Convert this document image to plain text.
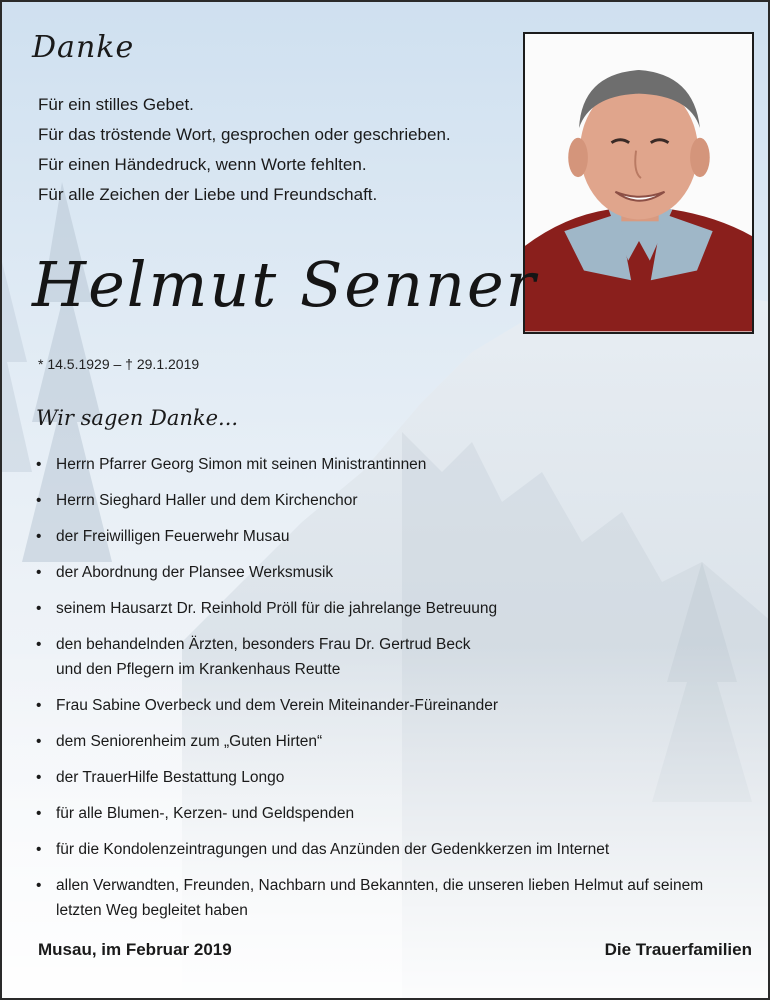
Danke
Für ein stilles Gebet.
Für das tröstende Wort, gesprochen oder geschrieben.
Für einen Händedruck, wenn Worte fehlten.
Für alle Zeichen der Liebe und Freundschaft.
Helmut Senner
* 14.5.1929 – † 29.1.2019
Wir sagen Danke...
• Herrn Pfarrer Georg Simon mit seinen Ministrantinnen
• Herrn Sieghard Haller und dem Kirchenchor
• der Freiwilligen Feuerwehr Musau
• der Abordnung der Plansee Werksmusik
• seinem Hausarzt Dr. Reinhold Pröll für die jahrelange Betreuung
• den behandelnden Ärzten, besonders Frau Dr. Gertrud Beck
und den Pflegern im Krankenhaus Reutte
• Frau Sabine Overbeck und dem Verein Miteinander-Füreinander
• dem Seniorenheim zum „Guten Hirten“
• der TrauerHilfe Bestattung Longo
• für alle Blumen-, Kerzen- und Geldspenden
• für die Kondolenzeintragungen und das Anzünden der Gedenkkerzen im Internet
• allen Verwandten, Freunden, Nachbarn und Bekannten, die unseren lieben Helmut auf seinem
letzten Weg begleitet haben
Musau, im Februar 2019	Die Trauerfamilien
